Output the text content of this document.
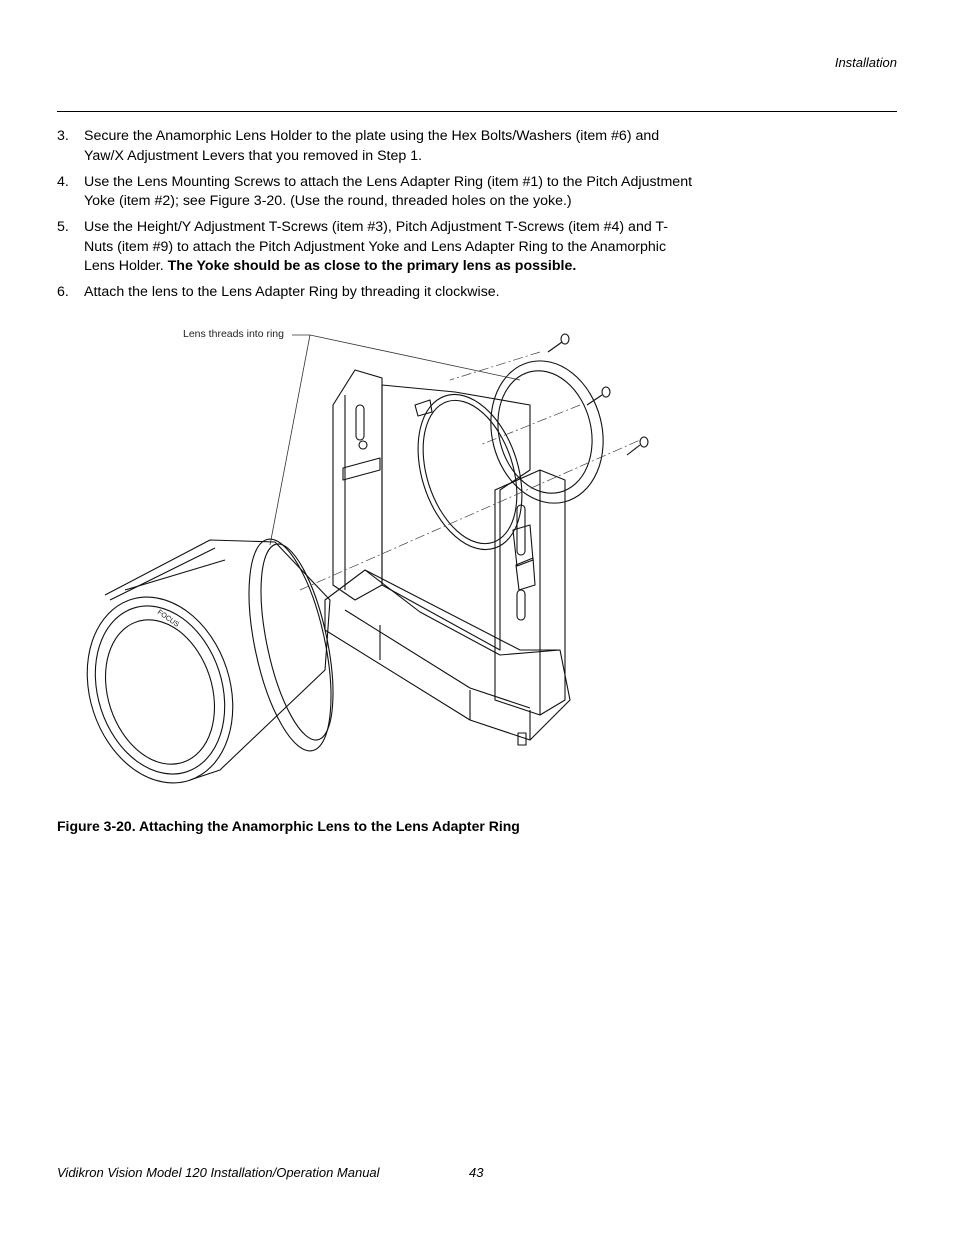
Installation
3. Secure the Anamorphic Lens Holder to the plate using the Hex Bolts/Washers (item #6) and Yaw/X Adjustment Levers that you removed in Step 1.
4. Use the Lens Mounting Screws to attach the Lens Adapter Ring (item #1) to the Pitch Adjustment Yoke (item #2); see Figure 3-20. (Use the round, threaded holes on the yoke.)
5. Use the Height/Y Adjustment T-Screws (item #3), Pitch Adjustment T-Screws (item #4) and T-Nuts (item #9) to attach the Pitch Adjustment Yoke and Lens Adapter Ring to the Anamorphic Lens Holder. The Yoke should be as close to the primary lens as possible.
6. Attach the lens to the Lens Adapter Ring by threading it clockwise.
Lens threads into ring
FOCUS
Figure 3-20. Attaching the Anamorphic Lens to the Lens Adapter Ring
Vidikron Vision Model 120 Installation/Operation Manual	43
